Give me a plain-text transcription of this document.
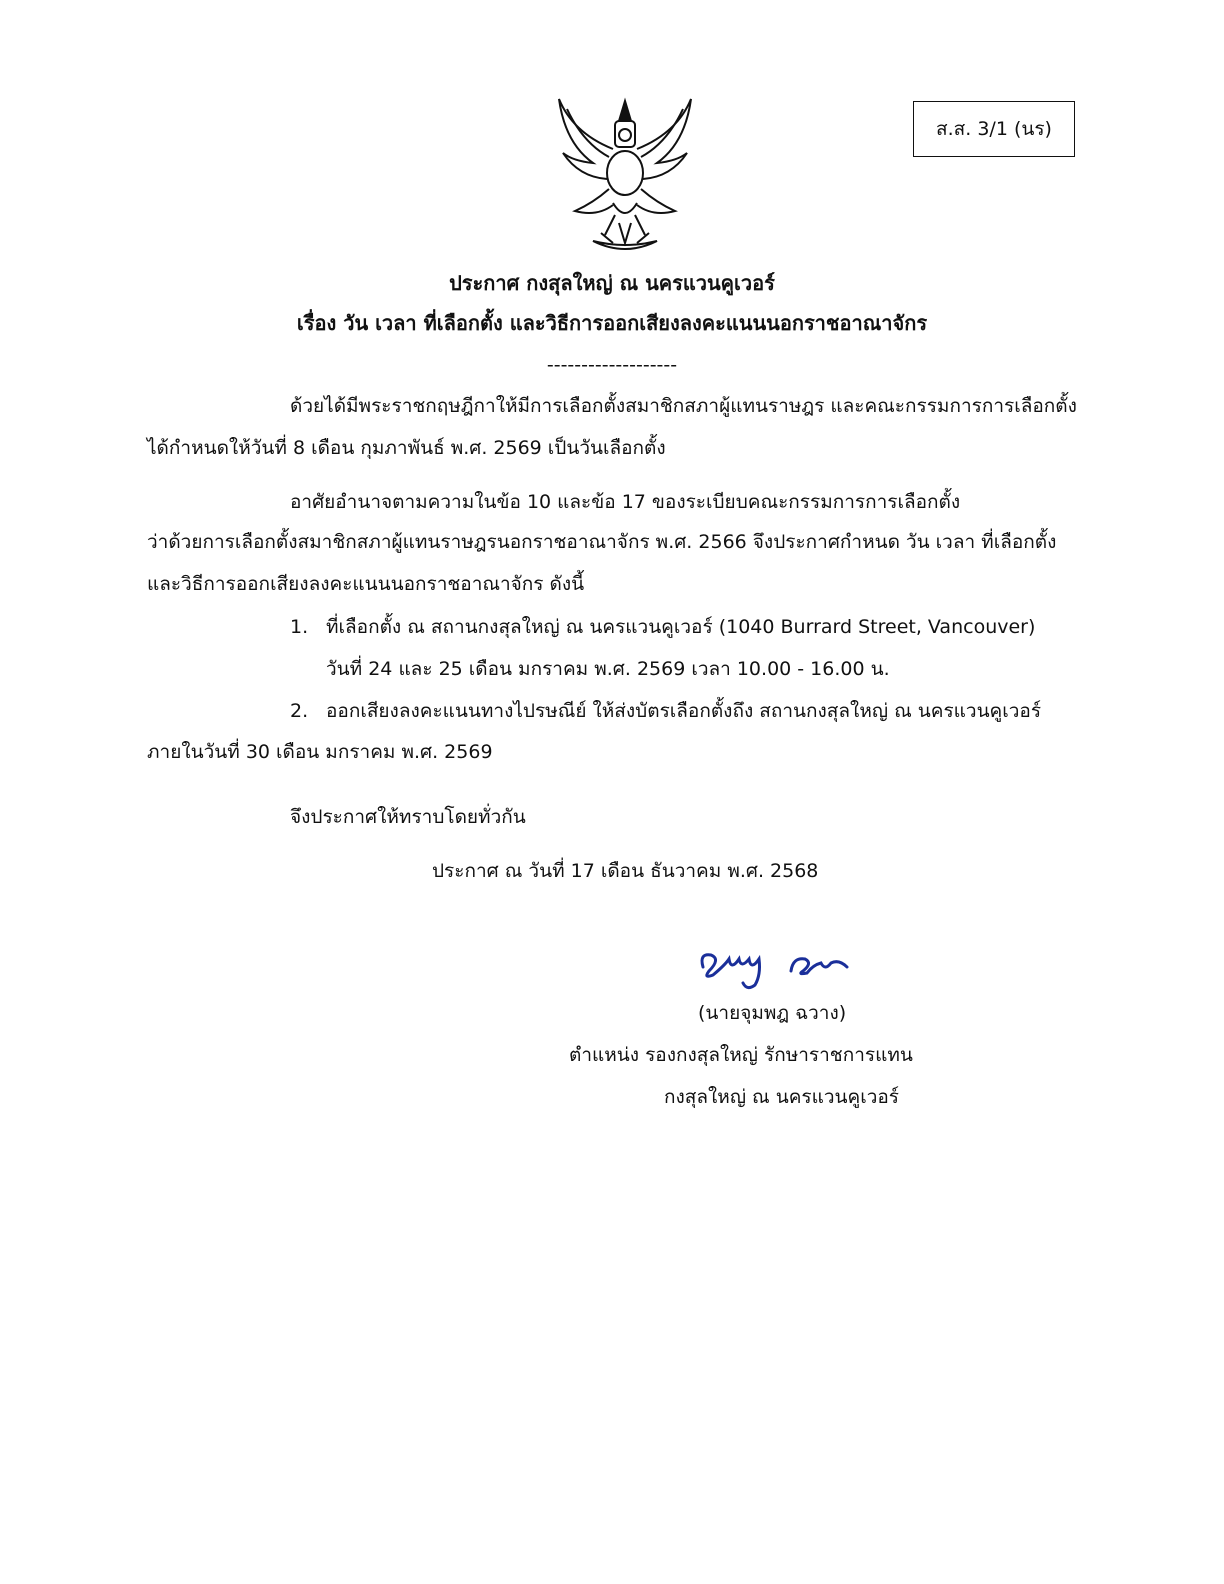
ส.ส. 3/1 (นร)
ประกาศ กงสุลใหญ่ ณ นครแวนคูเวอร์
เรื่อง วัน เวลา ที่เลือกตั้ง และวิธีการออกเสียงลงคะแนนนอกราชอาณาจักร
-------------------
ด้วยได้มีพระราชกฤษฎีกาให้มีการเลือกตั้งสมาชิกสภาผู้แทนราษฎร และคณะกรรมการการเลือกตั้ง
ได้กำหนดให้วันที่ 8 เดือน กุมภาพันธ์ พ.ศ. 2569 เป็นวันเลือกตั้ง
อาศัยอำนาจตามความในข้อ 10 และข้อ 17 ของระเบียบคณะกรรมการการเลือกตั้ง
ว่าด้วยการเลือกตั้งสมาชิกสภาผู้แทนราษฎรนอกราชอาณาจักร พ.ศ. 2566 จึงประกาศกำหนด วัน เวลา ที่เลือกตั้ง
และวิธีการออกเสียงลงคะแนนนอกราชอาณาจักร ดังนี้
1. ที่เลือกตั้ง ณ สถานกงสุลใหญ่ ณ นครแวนคูเวอร์ (1040 Burrard Street, Vancouver)
วันที่ 24 และ 25 เดือน มกราคม พ.ศ. 2569 เวลา 10.00 - 16.00 น.
2. ออกเสียงลงคะแนนทางไปรษณีย์ ให้ส่งบัตรเลือกตั้งถึง สถานกงสุลใหญ่ ณ นครแวนคูเวอร์
ภายในวันที่ 30 เดือน มกราคม พ.ศ. 2569
จึงประกาศให้ทราบโดยทั่วกัน
ประกาศ ณ วันที่ 17 เดือน ธันวาคม พ.ศ. 2568
(นายจุมพฎ ฉวาง)
ตำแหน่ง รองกงสุลใหญ่ รักษาราชการแทน
กงสุลใหญ่ ณ นครแวนคูเวอร์
